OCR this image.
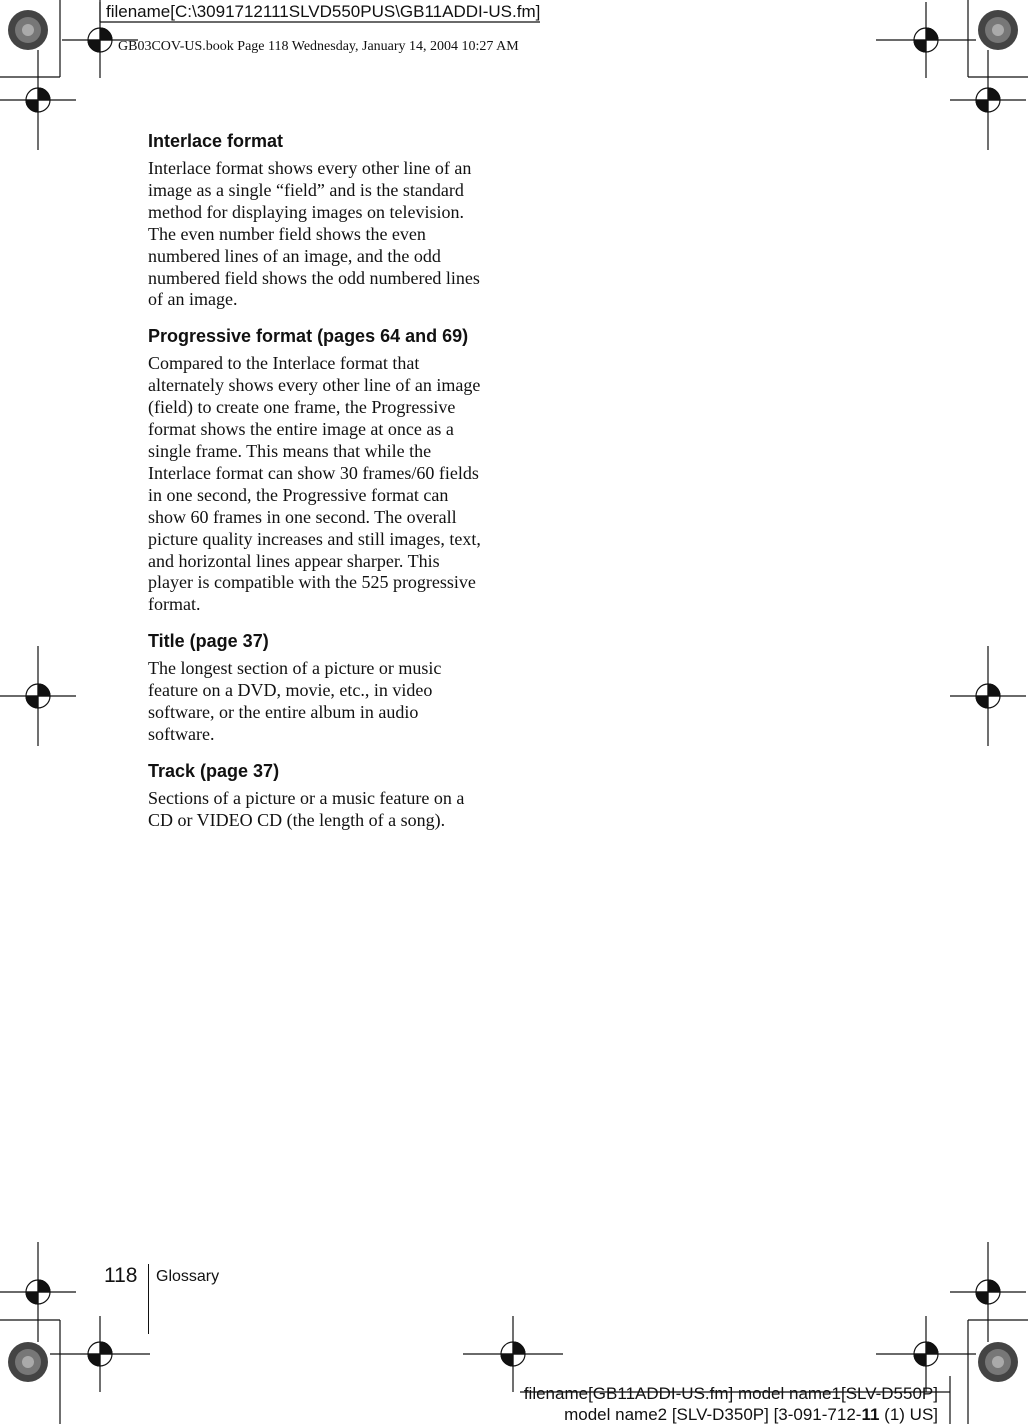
filename[C:\3091712111SLVD550PUS\GB11ADDI-US.fm]
GB03COV-US.book Page 118 Wednesday, January 14, 2004 10:27 AM
Interlace format

Interlace format shows every other line of an image as a single “field” and is the standard method for displaying images on television. The even number field shows the even numbered lines of an image, and the odd numbered field shows the odd numbered lines of an image.

Progressive format (pages 64 and 69)

Compared to the Interlace format that alternately shows every other line of an image (field) to create one frame, the Progressive format shows the entire image at once as a single frame. This means that while the Interlace format can show 30 frames/60 fields in one second, the Progressive format can show 60 frames in one second. The overall picture quality increases and still images, text, and horizontal lines appear sharper. This player is compatible with the 525 progressive format.

Title (page 37)

The longest section of a picture or music feature on a DVD, movie, etc., in video software, or the entire album in audio software.

Track (page 37)

Sections of a picture or a music feature on a CD or VIDEO CD (the length of a song).

118 Glossary
filename[GB11ADDI-US.fm] model name1[SLV-D550P]
model name2 [SLV-D350P] [3-091-712-11 (1) US]
